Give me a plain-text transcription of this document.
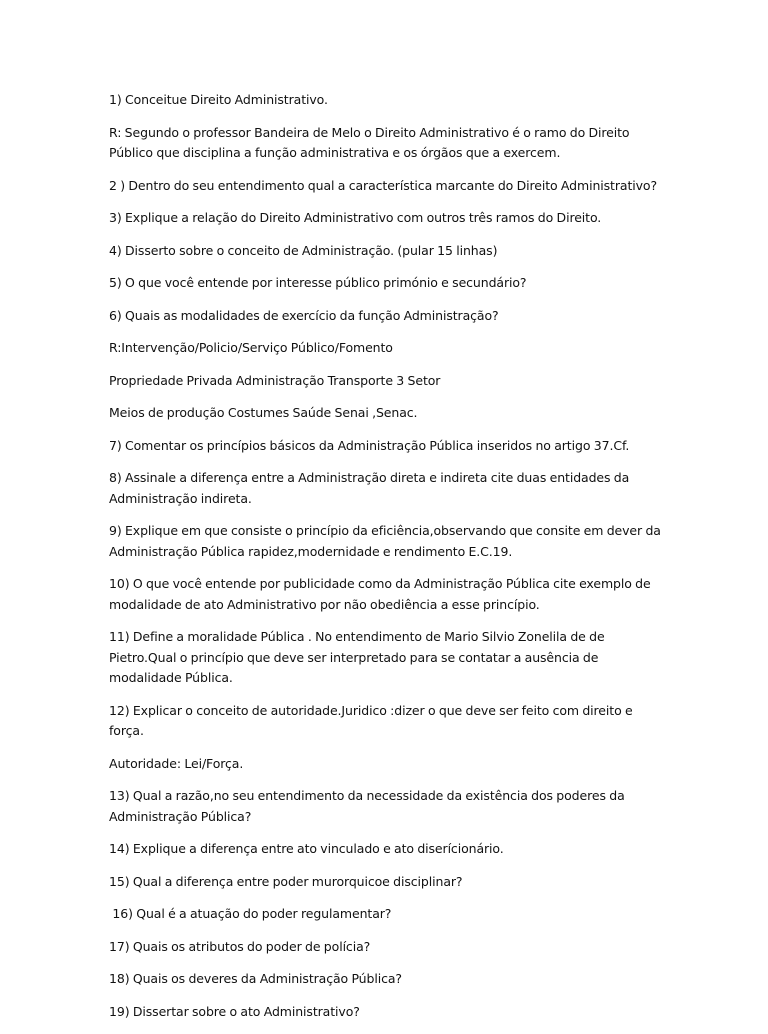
1) Conceitue Direito Administrativo.

R: Segundo o professor Bandeira de Melo o Direito Administrativo é o ramo do Direito Público que disciplina a função administrativa e os órgãos que a exercem.

2 ) Dentro do seu entendimento qual a característica marcante do Direito Administrativo?

3) Explique a relação do Direito Administrativo com outros três ramos do Direito.

4) Disserto sobre o conceito de Administração. (pular 15 linhas)

5) O que você entende por interesse público primónio e secundário?

6) Quais as modalidades de exercício da função Administração?

R:Intervenção/Policio/Serviço Público/Fomento

Propriedade Privada Administração Transporte 3 Setor

Meios de produção Costumes Saúde Senai ,Senac.

7) Comentar os princípios básicos da Administração Pública inseridos no artigo 37.Cf.

8) Assinale a diferença entre a Administração direta e indireta cite duas entidades da Administração indireta.

9) Explique em que consiste o princípio da eficiência,observando que consite em dever da Administração Pública rapidez,modernidade e rendimento E.C.19.

10) O que você entende por publicidade como da Administração Pública cite exemplo de modalidade de ato Administrativo por não obediência a esse princípio.

11) Define a moralidade Pública . No entendimento de Mario Silvio Zonelila de de Pietro.Qual o princípio que deve ser interpretado para se contatar a ausência de modalidade Pública.

12) Explicar o conceito de autoridade.Juridico :dizer o que deve ser feito com direito e força.

Autoridade: Lei/Força.

13) Qual a razão,no seu entendimento da necessidade da existência dos poderes da Administração Pública?

14) Explique a diferença entre ato vinculado e ato diserícionário.

15) Qual a diferença entre poder murorquicoe disciplinar?

16) Qual é a atuação do poder regulamentar?

17) Quais os atributos do poder de polícia?

18) Quais os deveres da Administração Pública?

19) Dissertar sobre o ato Administrativo?
